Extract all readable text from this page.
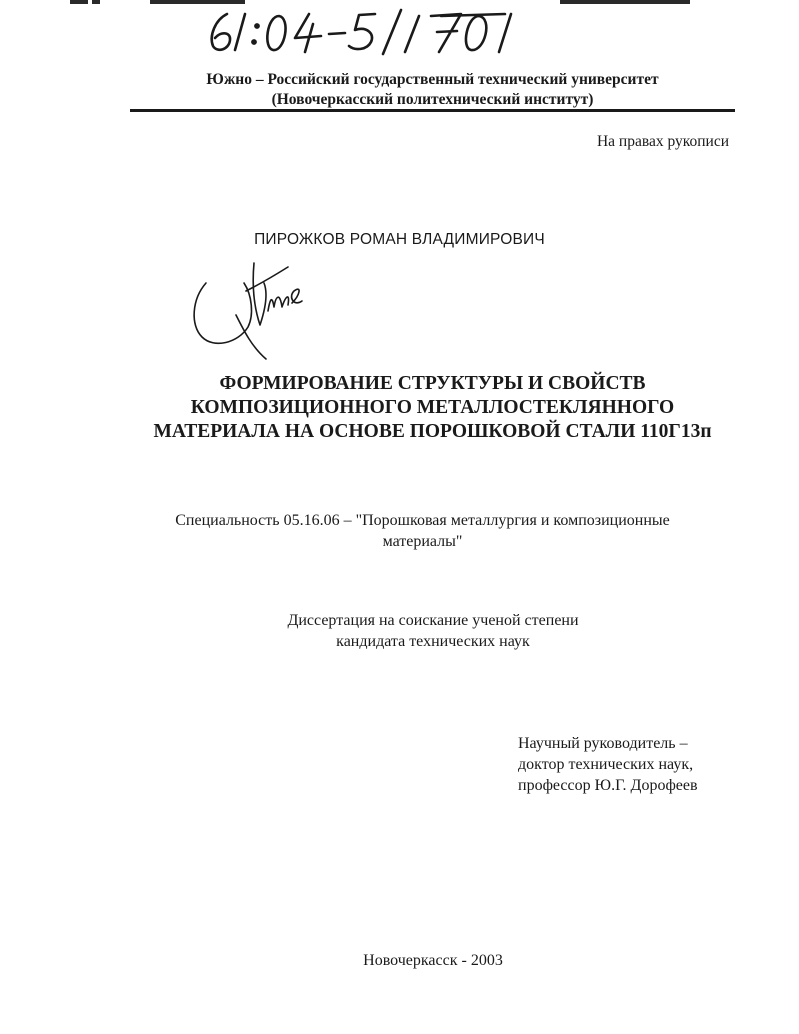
Южно – Российский государственный технический университет
(Новочеркасский политехнический институт)
На правах рукописи
ПИРОЖКОВ РОМАН ВЛАДИМИРОВИЧ
ФОРМИРОВАНИЕ СТРУКТУРЫ И СВОЙСТВ
КОМПОЗИЦИОННОГО МЕТАЛЛОСТЕКЛЯННОГО
МАТЕРИАЛА НА ОСНОВЕ ПОРОШКОВОЙ СТАЛИ 110Г13п
Специальность 05.16.06 – "Порошковая металлургия и композиционные
материалы"
Диссертация на соискание ученой степени
кандидата технических наук
Научный руководитель –
доктор технических наук,
профессор Ю.Г. Дорофеев
Новочеркасск - 2003
